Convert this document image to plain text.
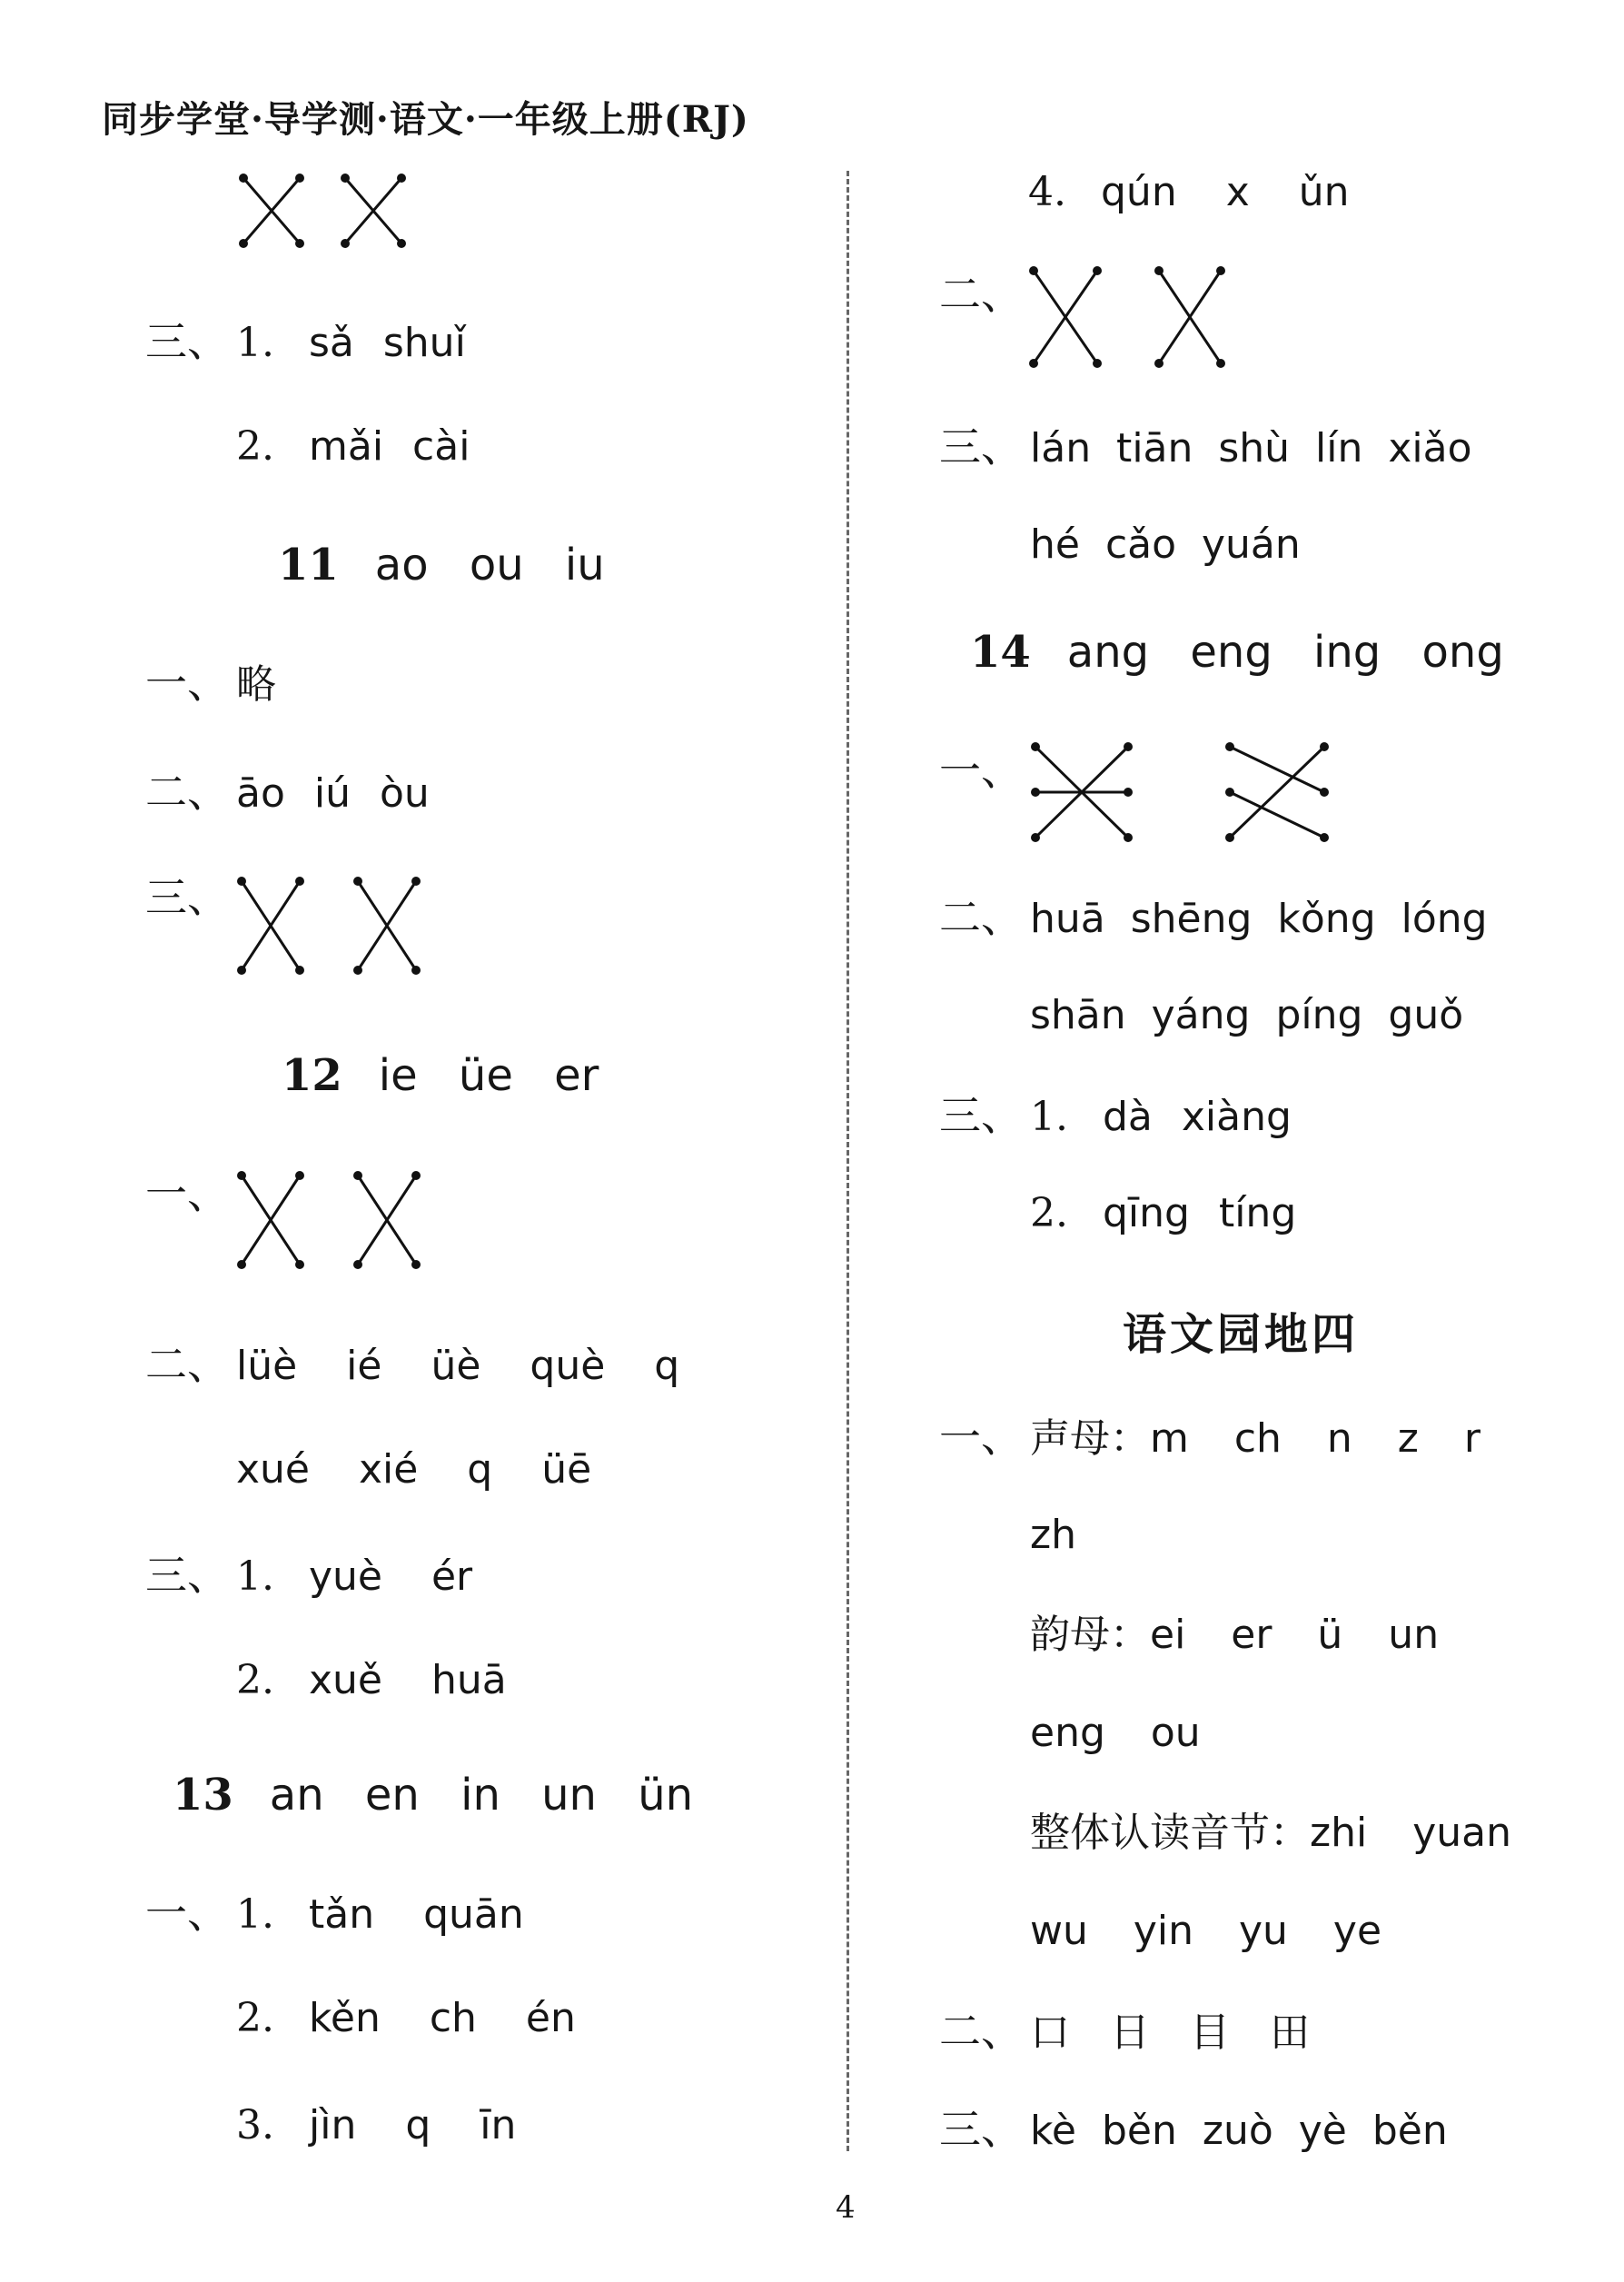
同步学堂·导学测·语文·一年级上册(RJ)
三、 1. sǎ shuǐ
2. mǎi cài
11 ao ou iu
一、 略
二、 āo iú òu
三、
12 ie üe er
一、
二、 lüè ié üè què q
xué xié q üē
三、 1. yuè ér
2. xuě huā
13 an en in un ün
一、 1. tǎn quān
2. kěn ch én
3. jìn q īn
4. qún x ǔn
二、
三、 lán tiān shù lín xiǎo
hé cǎo yuán
14 ang eng ing ong
一、
二、 huā shēng kǒng lóng
shān yáng píng guǒ
三、 1. dà xiàng
2. qīng tíng
语文园地四
一、 声母：m ch n z r
zh
韵母：ei er ü un
eng ou
整体认读音节：zhi yuan
wu yin yu ye
二、 口 日 目 田
三、 kè běn zuò yè běn
4
